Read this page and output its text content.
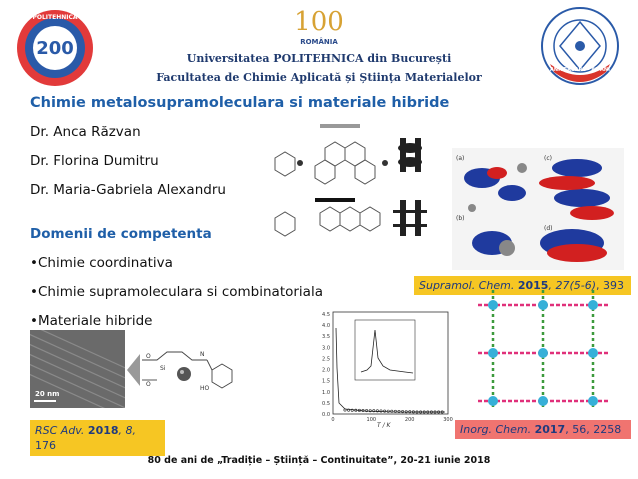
200
POLITEHNICA	100
ROMÂNIA
ANIVERSARE - 80 ANI
Universitatea POLITEHNICA din București
Facultatea de Chimie Aplicată și Știința Materialelor
Chimie metalosupramoleculara si materiale hibride
Dr. Anca Răzvan
Dr. Florina Dumitru
Dr. Maria-Gabriela Alexandru
(a)	(c)
(b)
(d)
Domenii de competenta
•Chimie coordinativa
•Chimie supramoleculara si combinatoriala
•Materiale hibride
Supramol. Chem. 2015, 27(5-6), 393
20 nm
O
O
Si
N
HO
RSC Adv. 2018, 8,
176
0	100	200	300
0.0
0.5
1.0
1.5
2.0
2.5
3.0
3.5
4.0
4.5
T / K	Inorg. Chem. 2017, 56, 2258
80 de ani de „Tradiție – Știință – Continuitate”, 20-21 iunie 2018
